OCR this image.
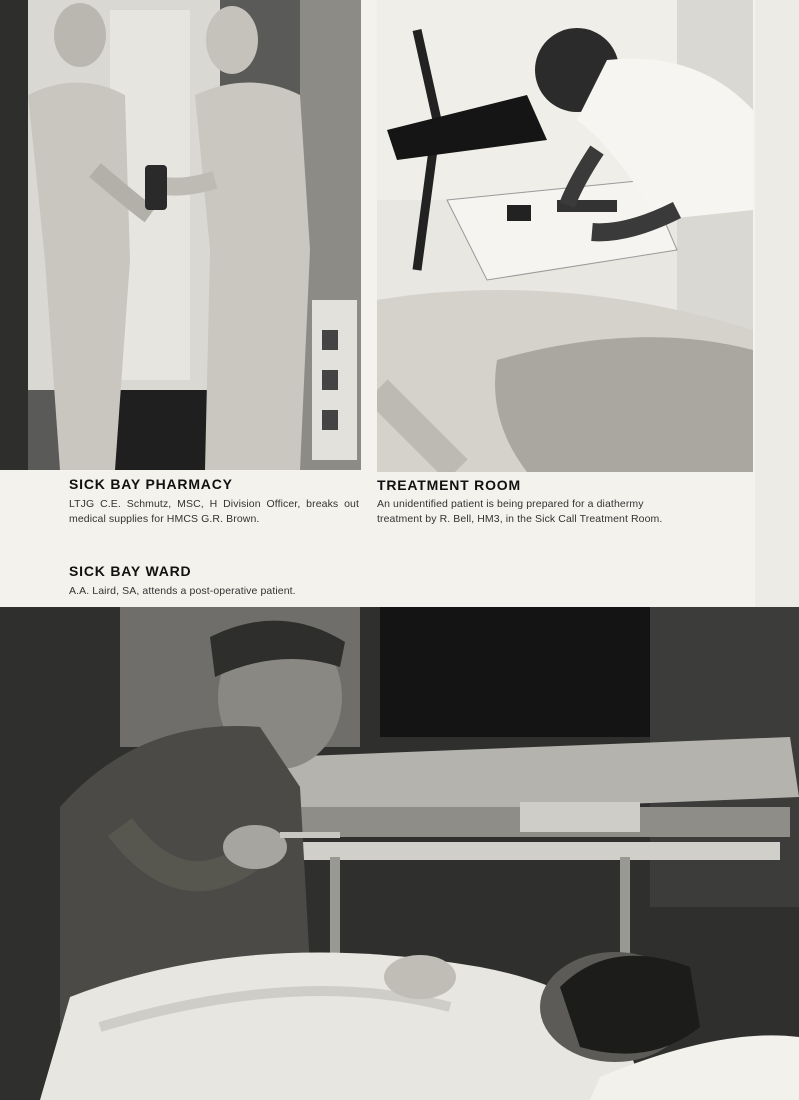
SICK BAY PHARMACY

LTJG C.E. Schmutz, MSC, H Division Officer, breaks out medical supplies for HMCS G.R. Brown.

TREATMENT ROOM

An unidentified patient is being prepared for a diathermy treatment by R. Bell, HM3, in the Sick Call Treatment Room.

SICK BAY WARD

A.A. Laird, SA, attends a post-operative patient.
